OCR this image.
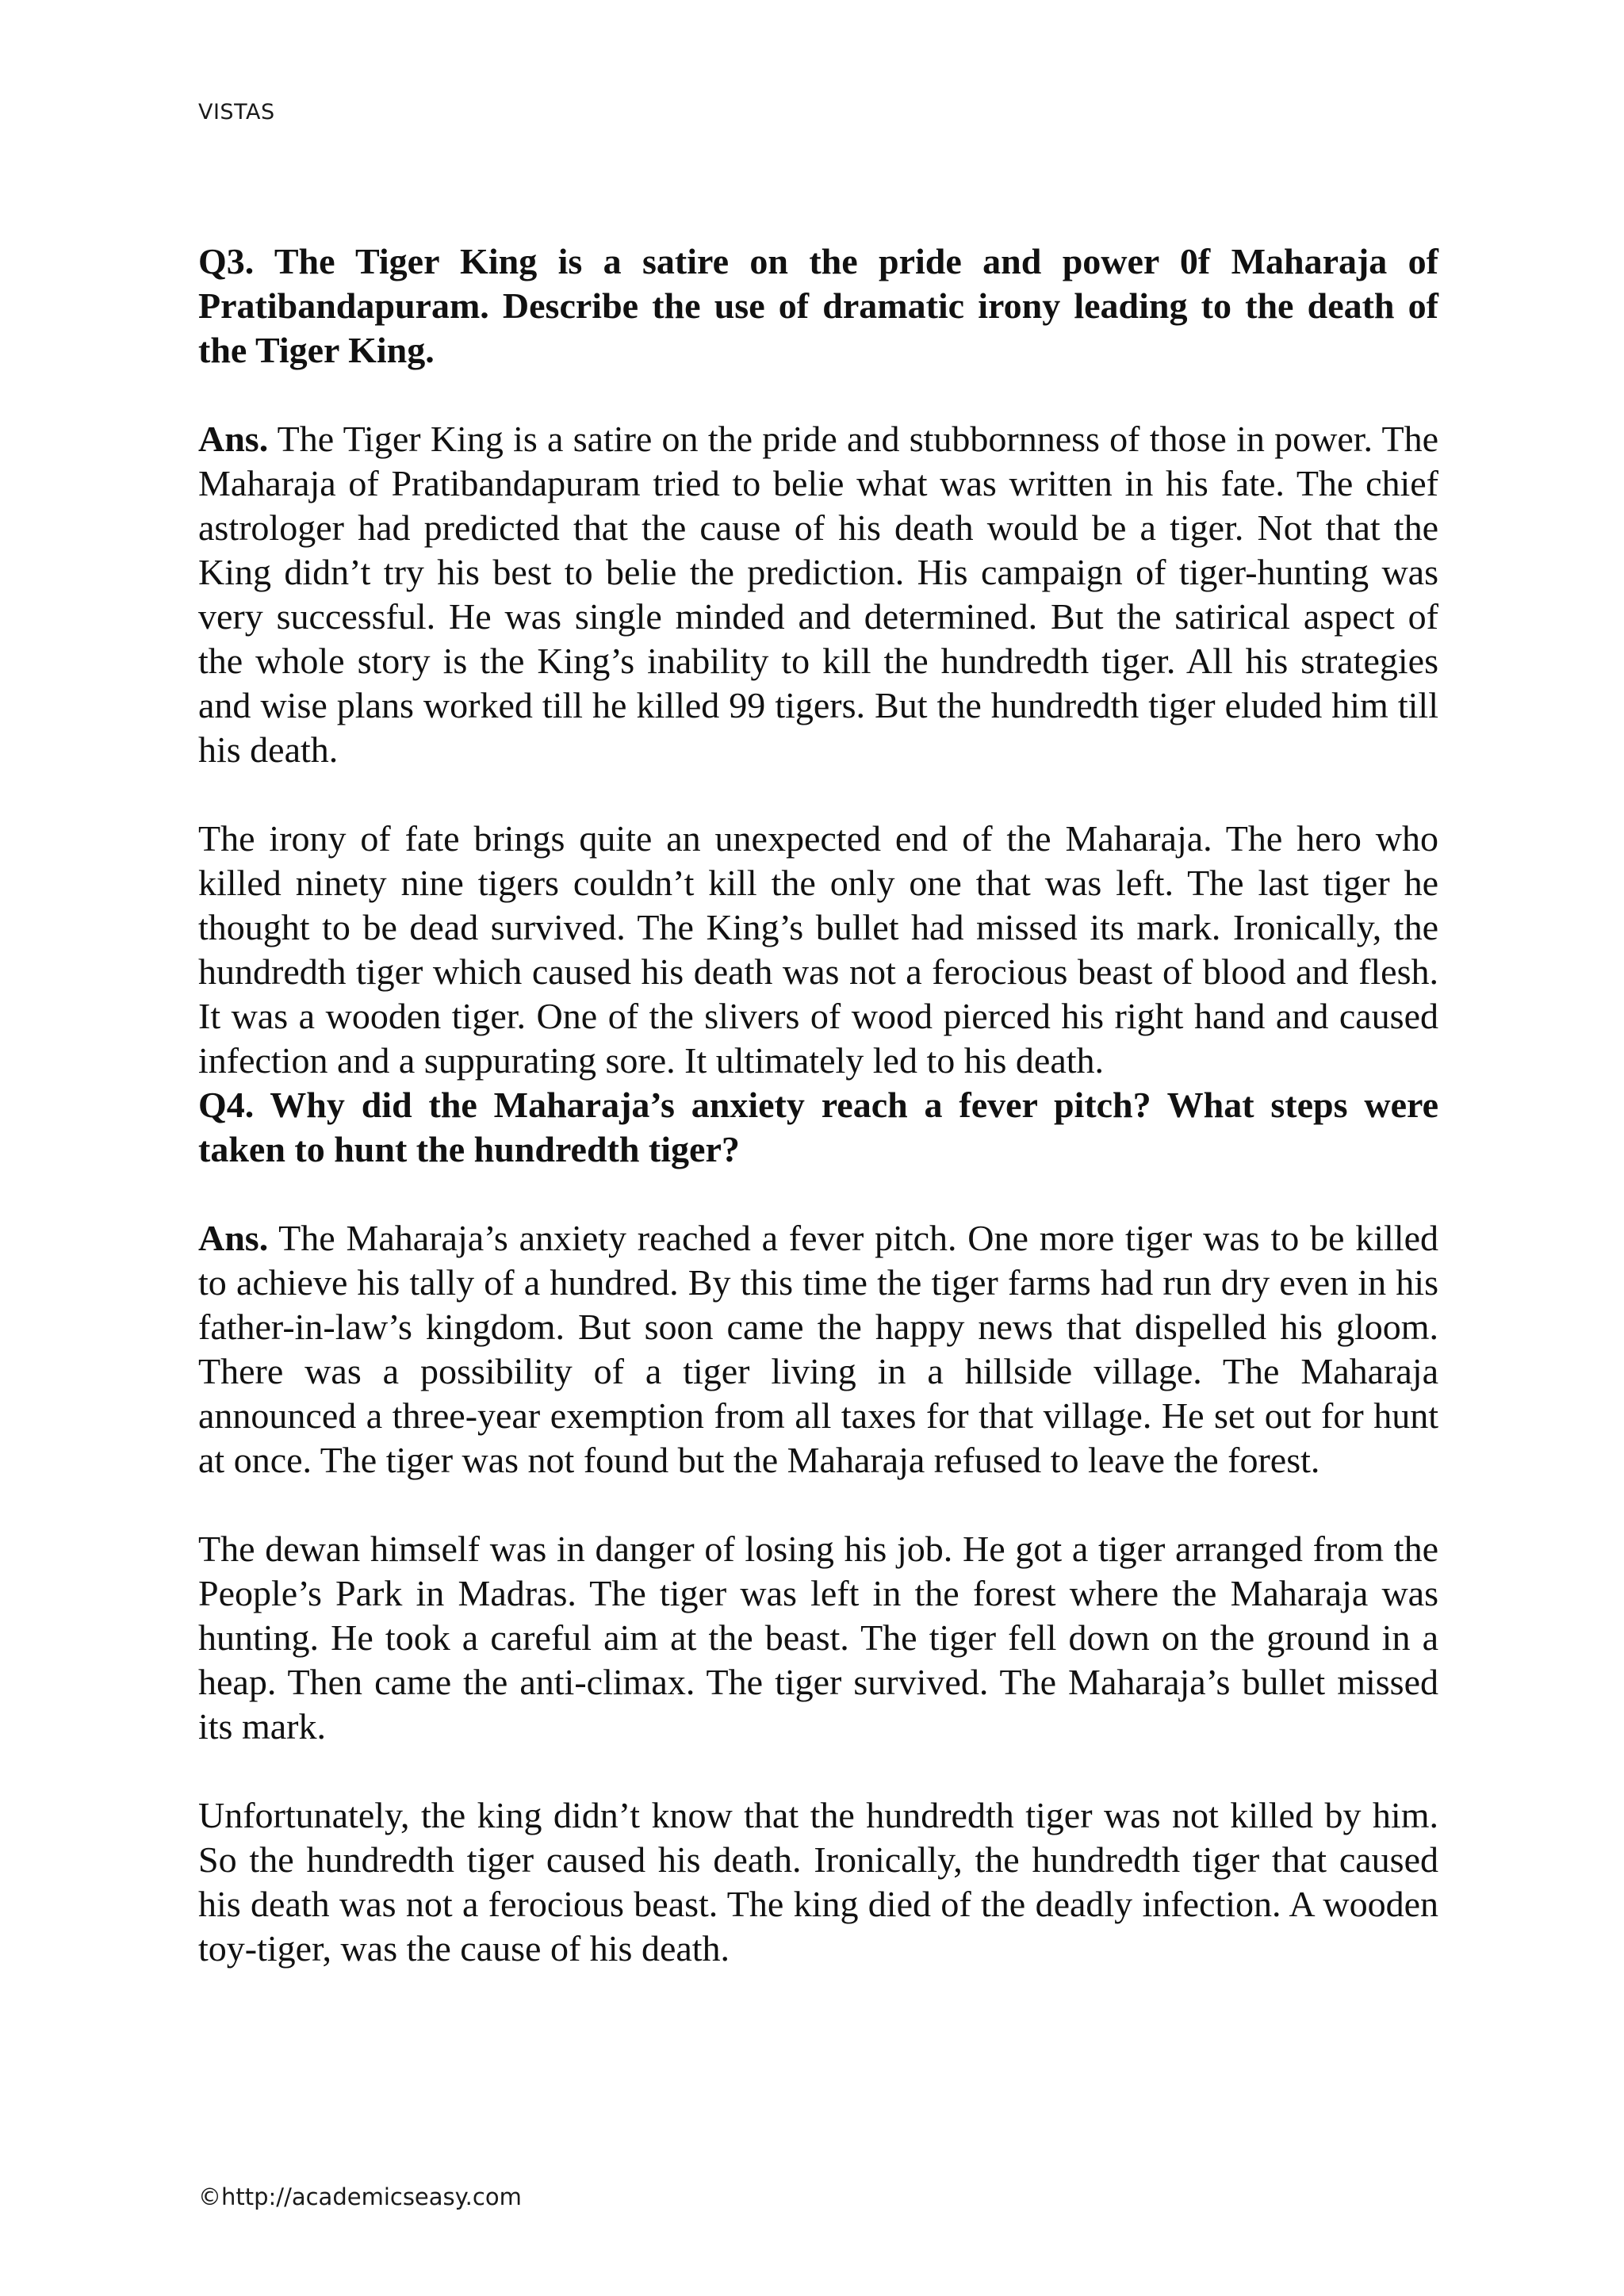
VISTAS

Q3. The Tiger King is a satire on the pride and power 0f Maharaja of Pratibandapuram. Describe the use of dramatic irony leading to the death of the Tiger King.

Ans. The Tiger King is a satire on the pride and stubbornness of those in power. The Maharaja of Pratibandapuram tried to belie what was written in his fate. The chief astrologer had predicted that the cause of his death would be a tiger. Not that the King didn’t try his best to belie the prediction. His campaign of tiger-hunting was very successful. He was single minded and determined. But the satirical aspect of the whole story is the King’s inability to kill the hundredth tiger. All his strategies and wise plans worked till he killed 99 tigers. But the hundredth tiger eluded him till his death.

The irony of fate brings quite an unexpected end of the Maharaja. The hero who killed ninety nine tigers couldn’t kill the only one that was left. The last tiger he thought to be dead survived. The King’s bullet had missed its mark. Ironically, the hundredth tiger which caused his death was not a ferocious beast of blood and flesh. It was a wooden tiger. One of the slivers of wood pierced his right hand and caused infection and a suppurating sore. It ultimately led to his death.

Q4. Why did the Maharaja’s anxiety reach a fever pitch? What steps were taken to hunt the hundredth tiger?

Ans. The Maharaja’s anxiety reached a fever pitch. One more tiger was to be killed to achieve his tally of a hundred. By this time the tiger farms had run dry even in his father-in-law’s kingdom. But soon came the happy news that dispelled his gloom. There was a possibility of a tiger living in a hillside village. The Maharaja announced a three-year exemption from all taxes for that village. He set out for hunt at once. The tiger was not found but the Maharaja refused to leave the forest.

The dewan himself was in danger of losing his job. He got a tiger arranged from the People’s Park in Madras. The tiger was left in the forest where the Maharaja was hunting. He took a careful aim at the beast. The tiger fell down on the ground in a heap. Then came the anti-climax. The tiger survived. The Maharaja’s bullet missed its mark.

Unfortunately, the king didn’t know that the hundredth tiger was not killed by him. So the hundredth tiger caused his death. Ironically, the hundredth tiger that caused his death was not a ferocious beast. The king died of the deadly infection. A wooden toy-tiger, was the cause of his death.

©http://academicseasy.com
